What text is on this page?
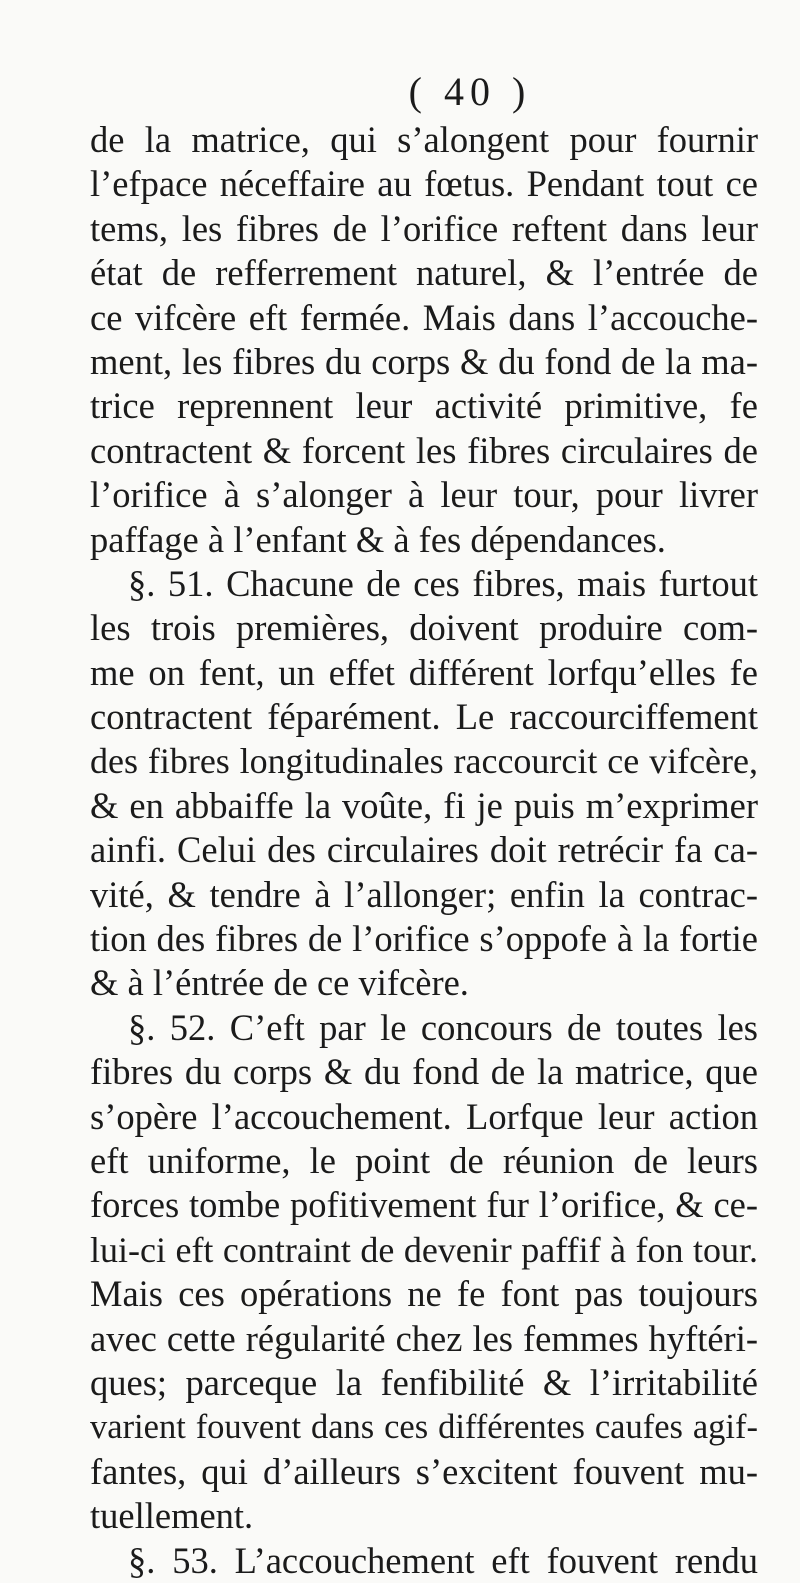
( 40 )
de la matrice, qui s’alongent pour fournir
l’efpace néceffaire au fœtus. Pendant tout ce
tems, les fibres de l’orifice reftent dans leur
état de refferrement naturel, & l’entrée de
ce vifcère eft fermée. Mais dans l’accouche-
ment, les fibres du corps & du fond de la ma-
trice reprennent leur activité primitive, fe
contractent & forcent les fibres circulaires de
l’orifice à s’alonger à leur tour, pour livrer
paffage à l’enfant & à fes dépendances.
§. 51. Chacune de ces fibres, mais furtout
les trois premières, doivent produire com-
me on fent, un effet différent lorfqu’elles fe
contractent féparément. Le raccourciffement
des fibres longitudinales raccourcit ce vifcère,
& en abbaiffe la voûte, fi je puis m’exprimer
ainfi. Celui des circulaires doit retrécir fa ca-
vité, & tendre à l’allonger; enfin la contrac-
tion des fibres de l’orifice s’oppofe à la fortie
& à l’éntrée de ce vifcère.
§. 52. C’eft par le concours de toutes les
fibres du corps & du fond de la matrice, que
s’opère l’accouchement. Lorfque leur action
eft uniforme, le point de réunion de leurs
forces tombe pofitivement fur l’orifice, & ce-
lui-ci eft contraint de devenir paffif à fon tour.
Mais ces opérations ne fe font pas toujours
avec cette régularité chez les femmes hyftéri-
ques; parceque la fenfibilité & l’irritabilité
varient fouvent dans ces différentes caufes agif-
fantes, qui d’ailleurs s’excitent fouvent mu-
tuellement.
§. 53. L’accouchement eft fouvent rendu
